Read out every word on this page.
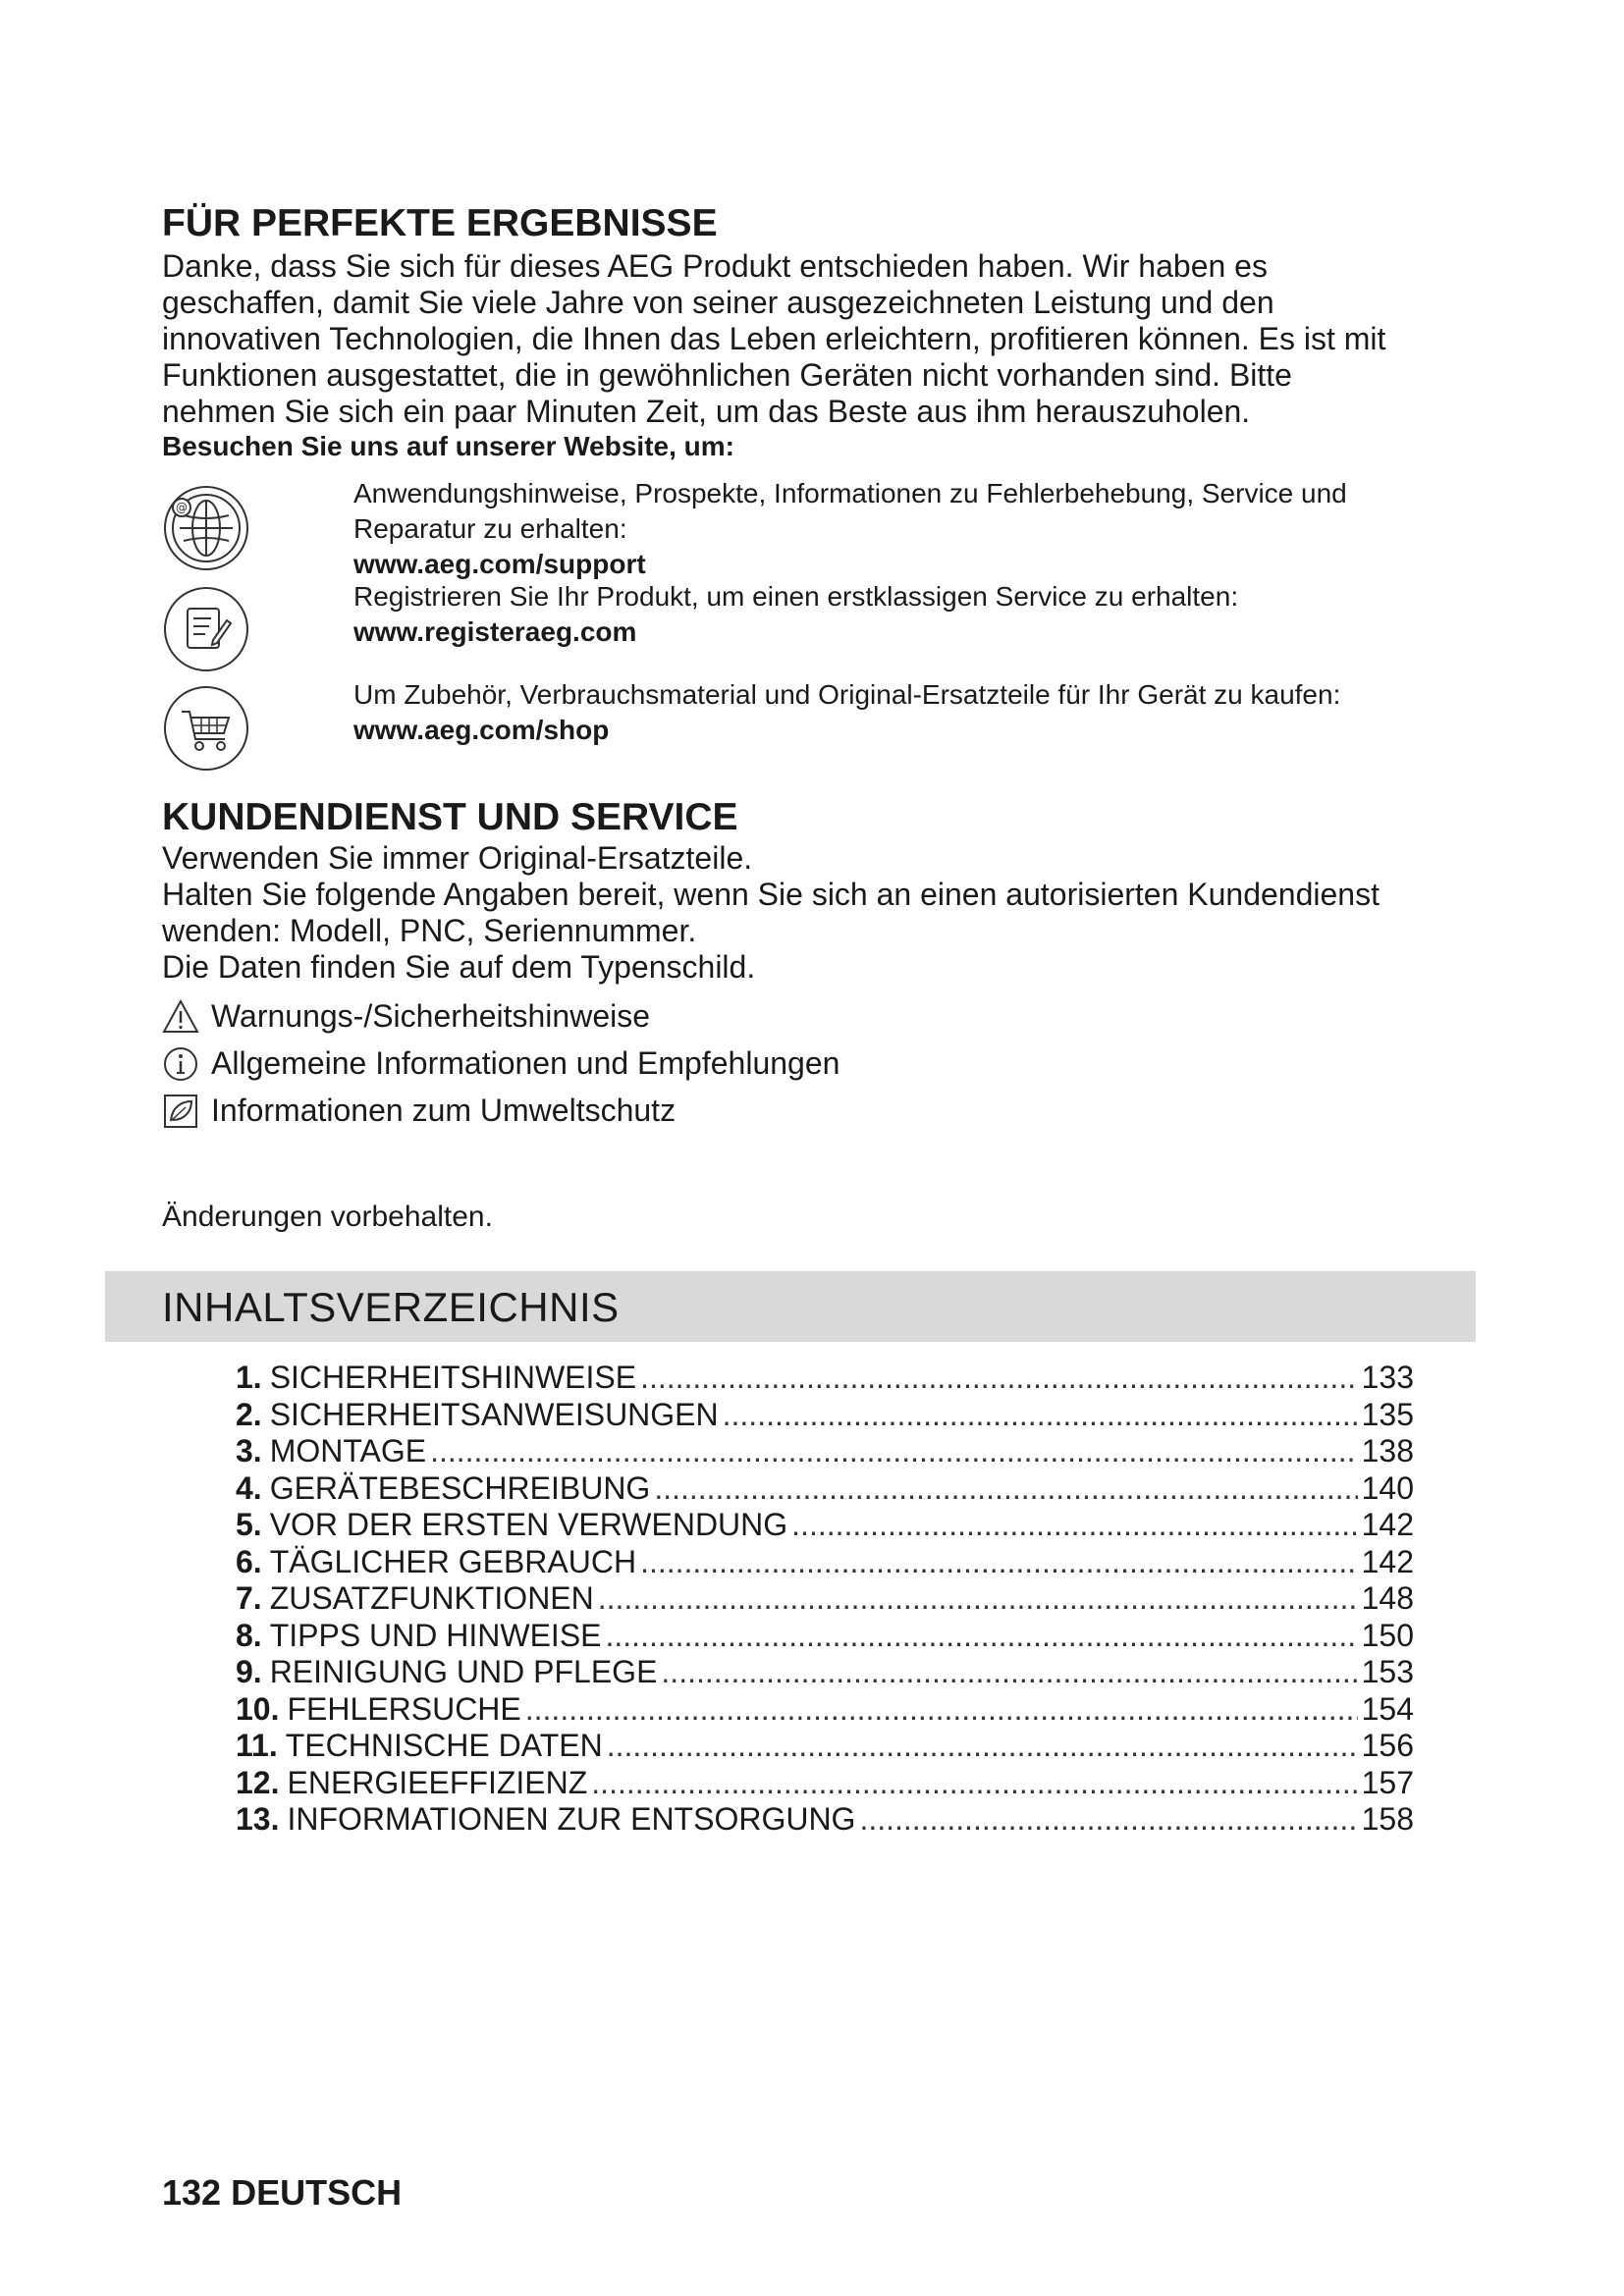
FÜR PERFEKTE ERGEBNISSE
Danke, dass Sie sich für dieses AEG Produkt entschieden haben. Wir haben es
geschaffen, damit Sie viele Jahre von seiner ausgezeichneten Leistung und den
innovativen Technologien, die Ihnen das Leben erleichtern, profitieren können. Es ist mit
Funktionen ausgestattet, die in gewöhnlichen Geräten nicht vorhanden sind. Bitte
nehmen Sie sich ein paar Minuten Zeit, um das Beste aus ihm herauszuholen.
Besuchen Sie uns auf unserer Website, um:
@	Anwendungshinweise, Prospekte, Informationen zu Fehlerbehebung, Service und
Reparatur zu erhalten:
www.aeg.com/support
Registrieren Sie Ihr Produkt, um einen erstklassigen Service zu erhalten:
www.registeraeg.com
Um Zubehör, Verbrauchsmaterial und Original-Ersatzteile für Ihr Gerät zu kaufen:
www.aeg.com/shop
KUNDENDIENST UND SERVICE
Verwenden Sie immer Original-Ersatzteile.
Halten Sie folgende Angaben bereit, wenn Sie sich an einen autorisierten Kundendienst
wenden: Modell, PNC, Seriennummer.
Die Daten finden Sie auf dem Typenschild.
Warnungs-/Sicherheitshinweise
Allgemeine Informationen und Empfehlungen
Informationen zum Umweltschutz
Änderungen vorbehalten.
INHALTSVERZEICHNIS
1. SICHERHEITSHINWEISE .....	133
2. SICHERHEITSANWEISUNGEN .....	135
3. MONTAGE .....	138
4. GERÄTEBESCHREIBUNG .....	140
5. VOR DER ERSTEN VERWENDUNG .....	142
6. TÄGLICHER GEBRAUCH .....	142
7. ZUSATZFUNKTIONEN .....	148
8. TIPPS UND HINWEISE .....	150
9. REINIGUNG UND PFLEGE .....	153
10. FEHLERSUCHE .....	154
11. TECHNISCHE DATEN .....	156
12. ENERGIEEFFIZIENZ .....	157
13. INFORMATIONEN ZUR ENTSORGUNG .....	158
132 DEUTSCH
